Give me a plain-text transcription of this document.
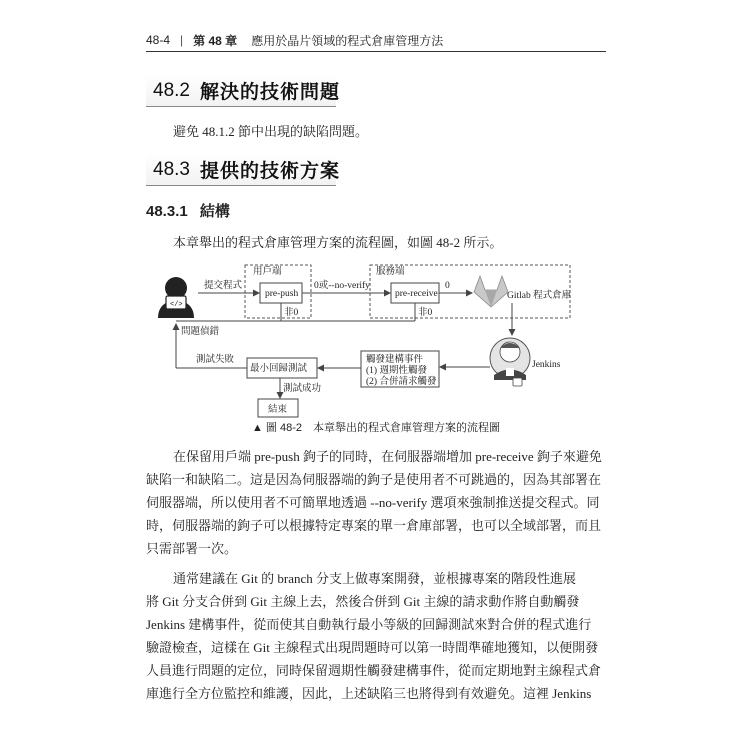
48-4 | 第 48 章 應用於晶片領域的程式倉庫管理方法
48.2 解決的技術問題
避免 48.1.2 節中出現的缺陷問題。
48.3 提供的技術方案
48.3.1 結構
本章舉出的程式倉庫管理方案的流程圖，如圖 48-2 所示。
</>
用戶端	服務端
提交程式
pre-push
0或--no-verify
pre-receive
0
Gitlab 程式倉庫
非0	非0
問題偵錯
Jenkins
觸發建構事件
(1) 週期性觸發
(2) 合併請求觸發
最小回歸測試
測試失敗
測試成功
結束
▲ 圖 48-2　本章舉出的程式倉庫管理方案的流程圖
在保留用戶端 pre-push 鉤子的同時，在伺服器端增加 pre-receive 鉤子來避免
缺陷一和缺陷二。這是因為伺服器端的鉤子是使用者不可跳過的，因為其部署在
伺服器端，所以使用者不可簡單地透過 --no-verify 選項來強制推送提交程式。同
時，伺服器端的鉤子可以根據特定專案的單一倉庫部署，也可以全域部署，而且
只需部署一次。
通常建議在 Git 的 branch 分支上做專案開發，並根據專案的階段性進展
將 Git 分支合併到 Git 主線上去，然後合併到 Git 主線的請求動作將自動觸發
Jenkins 建構事件，從而使其自動執行最小等級的回歸測試來對合併的程式進行
驗證檢查，這樣在 Git 主線程式出現問題時可以第一時間準確地獲知，以便開發
人員進行問題的定位，同時保留週期性觸發建構事件，從而定期地對主線程式倉
庫進行全方位監控和維護，因此，上述缺陷三也將得到有效避免。這裡 Jenkins
